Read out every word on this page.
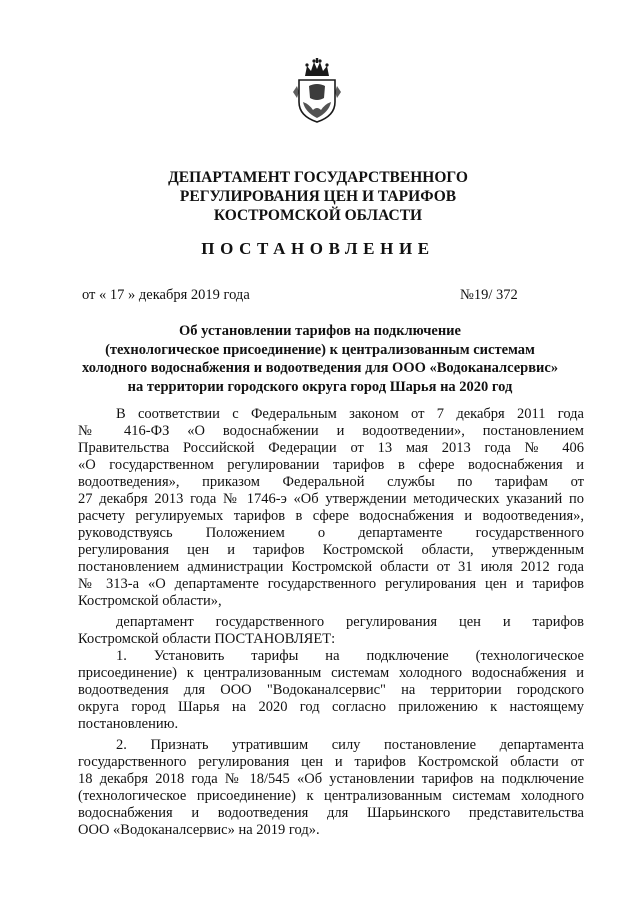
ДЕПАРТАМЕНТ ГОСУДАРСТВЕННОГО
РЕГУЛИРОВАНИЯ ЦЕН И ТАРИФОВ
КОСТРОМСКОЙ ОБЛАСТИ
ПОСТАНОВЛЕНИЕ
от « 17 » декабря 2019 года	№19/ 372
Об установлении тарифов на подключение
(технологическое присоединение) к централизованным системам
холодного водоснабжения и водоотведения для ООО «Водоканалсервис»
на территории городского округа город Шарья на 2020 год
В соответствии с Федеральным законом от 7 декабря 2011 года
№ 416-ФЗ «О водоснабжении и водоотведении», постановлением
Правительства Российской Федерации от 13 мая 2013 года № 406
«О государственном регулировании тарифов в сфере водоснабжения и
водоотведения», приказом Федеральной службы по тарифам от
27 декабря 2013 года № 1746-э «Об утверждении методических указаний по
расчету регулируемых тарифов в сфере водоснабжения и водоотведения»,
руководствуясь Положением о департаменте государственного
регулирования цен и тарифов Костромской области, утвержденным
постановлением администрации Костромской области от 31 июля 2012 года
№ 313-а «О департаменте государственного регулирования цен и тарифов
Костромской области»,
департамент государственного регулирования цен и тарифов
Костромской области ПОСТАНОВЛЯЕТ:
1. Установить тарифы на подключение (технологическое
присоединение) к централизованным системам холодного водоснабжения и
водоотведения для ООО "Водоканалсервис" на территории городского
округа город Шарья на 2020 год согласно приложению к настоящему
постановлению.
2. Признать утратившим силу постановление департамента
государственного регулирования цен и тарифов Костромской области от
18 декабря 2018 года № 18/545 «Об установлении тарифов на подключение
(технологическое присоединение) к централизованным системам холодного
водоснабжения и водоотведения для Шарьинского представительства
ООО «Водоканалсервис» на 2019 год».
